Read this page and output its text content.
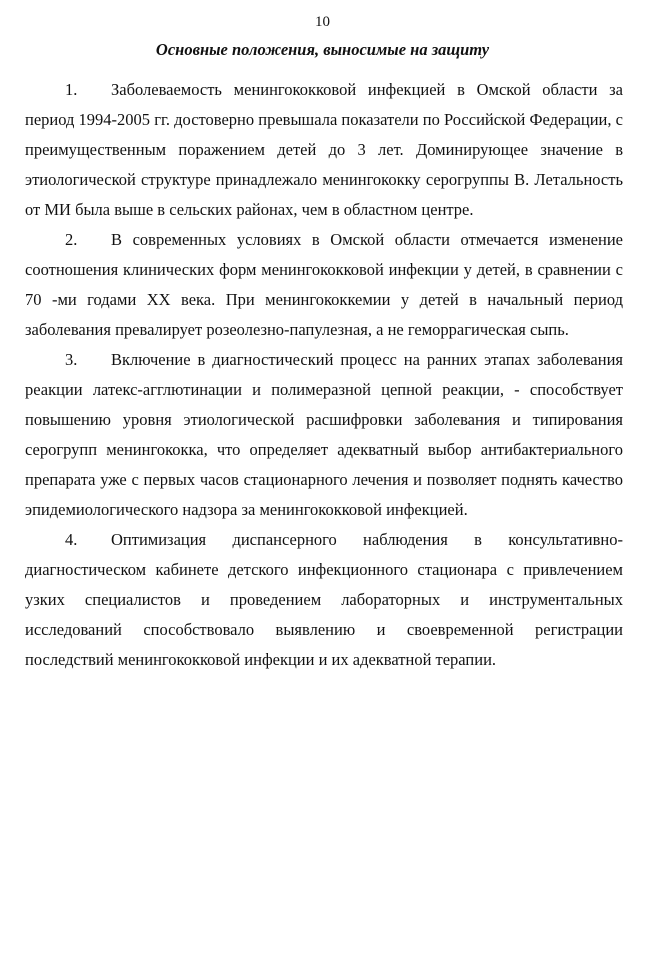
10
Основные положения, выносимые на защиту

1. Заболеваемость менингококковой инфекцией в Омской области за период 1994-2005 гг. достоверно превышала показатели по Российской Федерации, с преимущественным поражением детей до 3 лет. Доминирующее значение в этиологической структуре принадлежало менингококку серогруппы В. Летальность от МИ была выше в сельских районах, чем в областном центре.

2. В современных условиях в Омской области отмечается изменение соотношения клинических форм менингококковой инфекции у детей, в сравнении с 70 -ми годами XX века. При менингококкемии у детей в начальный период заболевания превалирует розеолезно-папулезная, а не геморрагическая сыпь.

3. Включение в диагностический процесс на ранних этапах заболевания реакции латекс-агглютинации и полимеразной цепной реакции, - способствует повышению уровня этиологической расшифровки заболевания и типирования серогрупп менингококка, что определяет адекватный выбор антибактериального препарата уже с первых часов стационарного лечения и позволяет поднять качество эпидемиологического надзора за менингококковой инфекцией.

4. Оптимизация диспансерного наблюдения в консультативно-диагностическом кабинете детского инфекционного стационара с привлечением узких специалистов и проведением лабораторных и инструментальных исследований способствовало выявлению и своевременной регистрации последствий менингококковой инфекции и их адекватной терапии.
